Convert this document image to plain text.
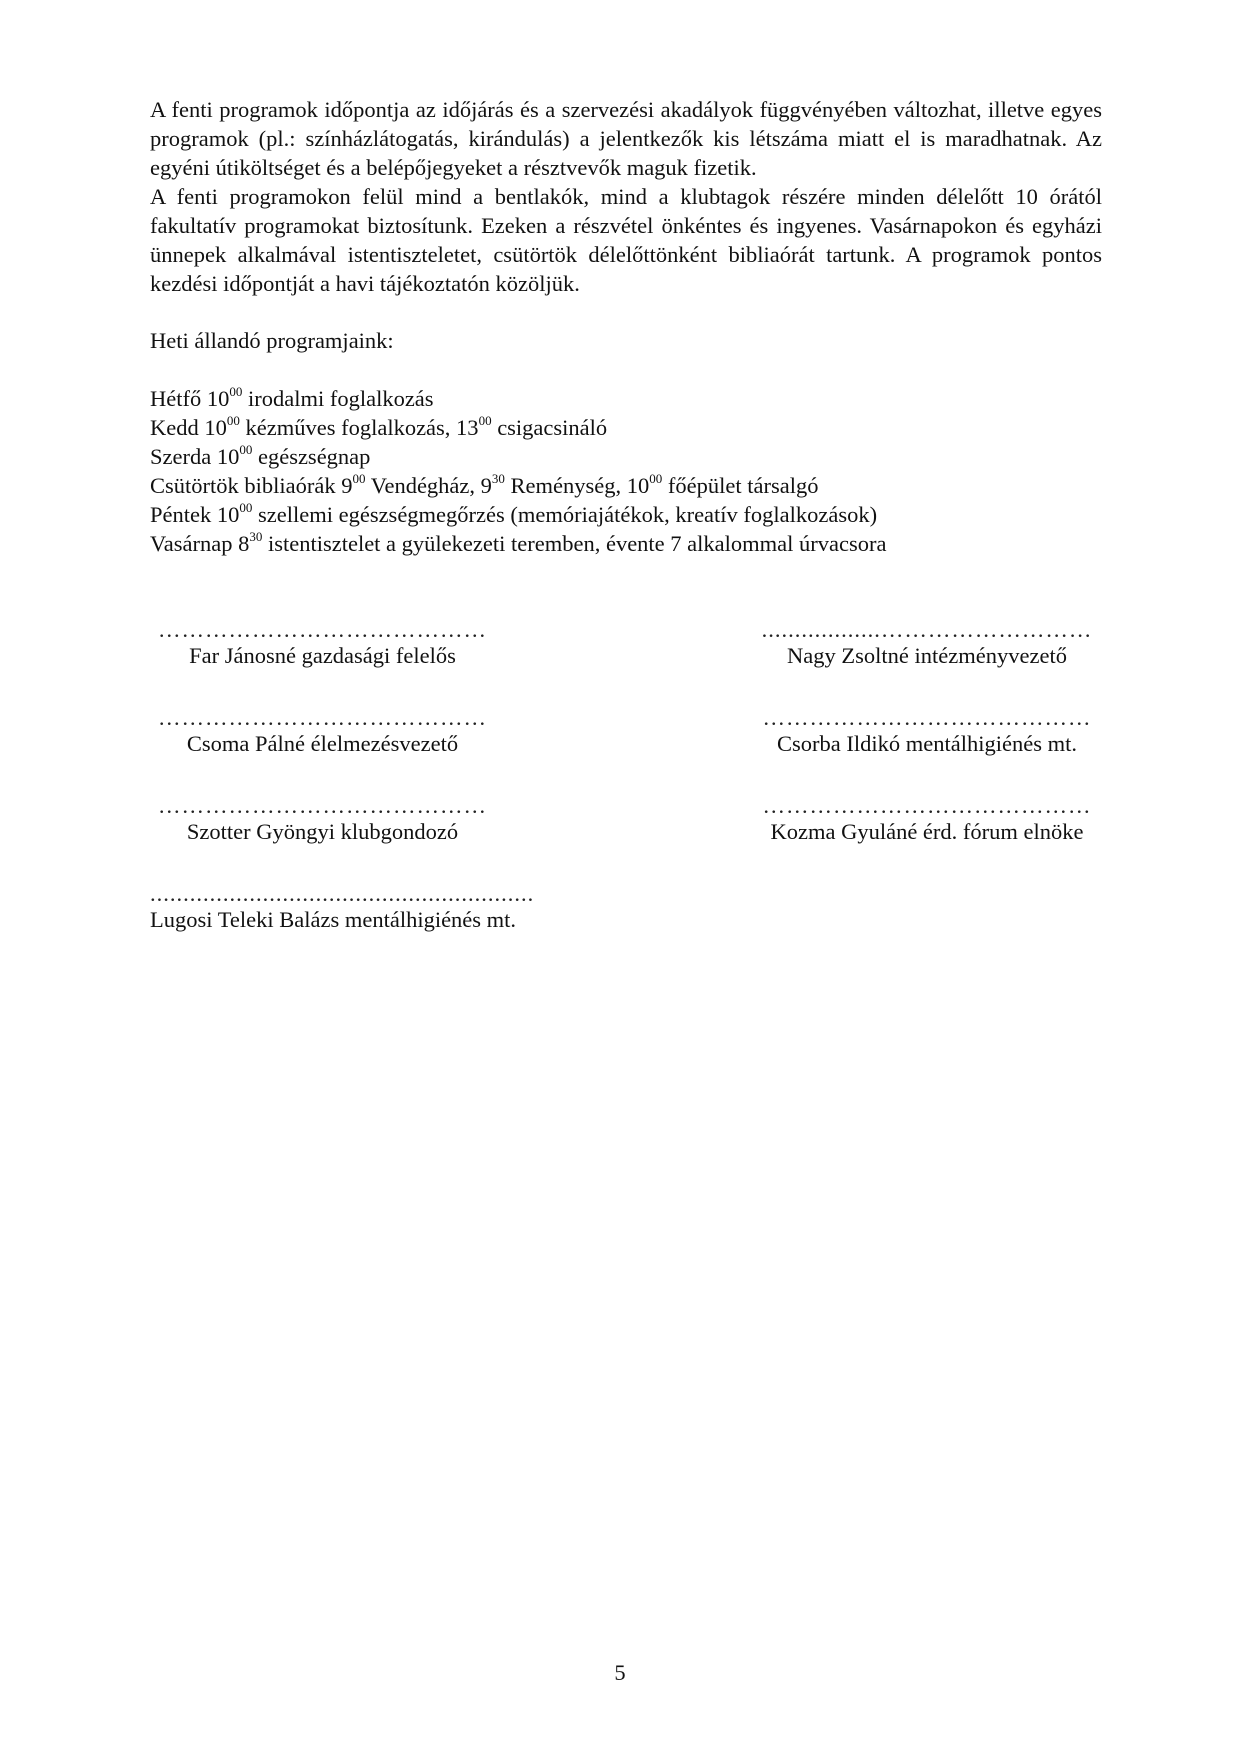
A fenti programok időpontja az időjárás és a szervezési akadályok függvényében változhat, illetve egyes programok (pl.: színházlátogatás, kirándulás) a jelentkezők kis létszáma miatt el is maradhatnak. Az egyéni útiköltséget és a belépőjegyeket a résztvevők maguk fizetik.

A fenti programokon felül mind a bentlakók, mind a klubtagok részére minden délelőtt 10 órától fakultatív programokat biztosítunk. Ezeken a részvétel önkéntes és ingyenes. Vasárnapokon és egyházi ünnepek alkalmával istentiszteletet, csütörtök délelőttönként bibliaórát tartunk. A programok pontos kezdési időpontját a havi tájékoztatón közöljük.

Heti állandó programjaink:

Hétfő $10^{00}$ irodalmi foglalkozás
Kedd $10^{00}$ kézműves foglalkozás, $13^{00}$ csigacsináló
Szerda $10^{00}$ egészségnap
Csütörtök bibliaórák $9^{00}$ Vendégház, $9^{30}$ Reménység, $10^{00}$ főépület társalgó
Péntek $10^{00}$ szellemi egészségmegőrzés (memóriajátékok, kreatív foglalkozások)
Vasárnap $8^{30}$ istentisztelet a gyülekezeti teremben, évente 7 alkalommal úrvacsora
……………………………………
Far Jánosné gazdasági felelős
..................………………………
Nagy Zsoltné intézményvezető
……………………………………
Csoma Pálné élelmezésvezető
……………………………………
Csorba Ildikó mentálhigiénés mt.
……………………………………
Szotter Gyöngyi klubgondozó
……………………………………
Kozma Gyuláné érd. fórum elnöke
..........................................................
Lugosi Teleki Balázs mentálhigiénés mt.
5
